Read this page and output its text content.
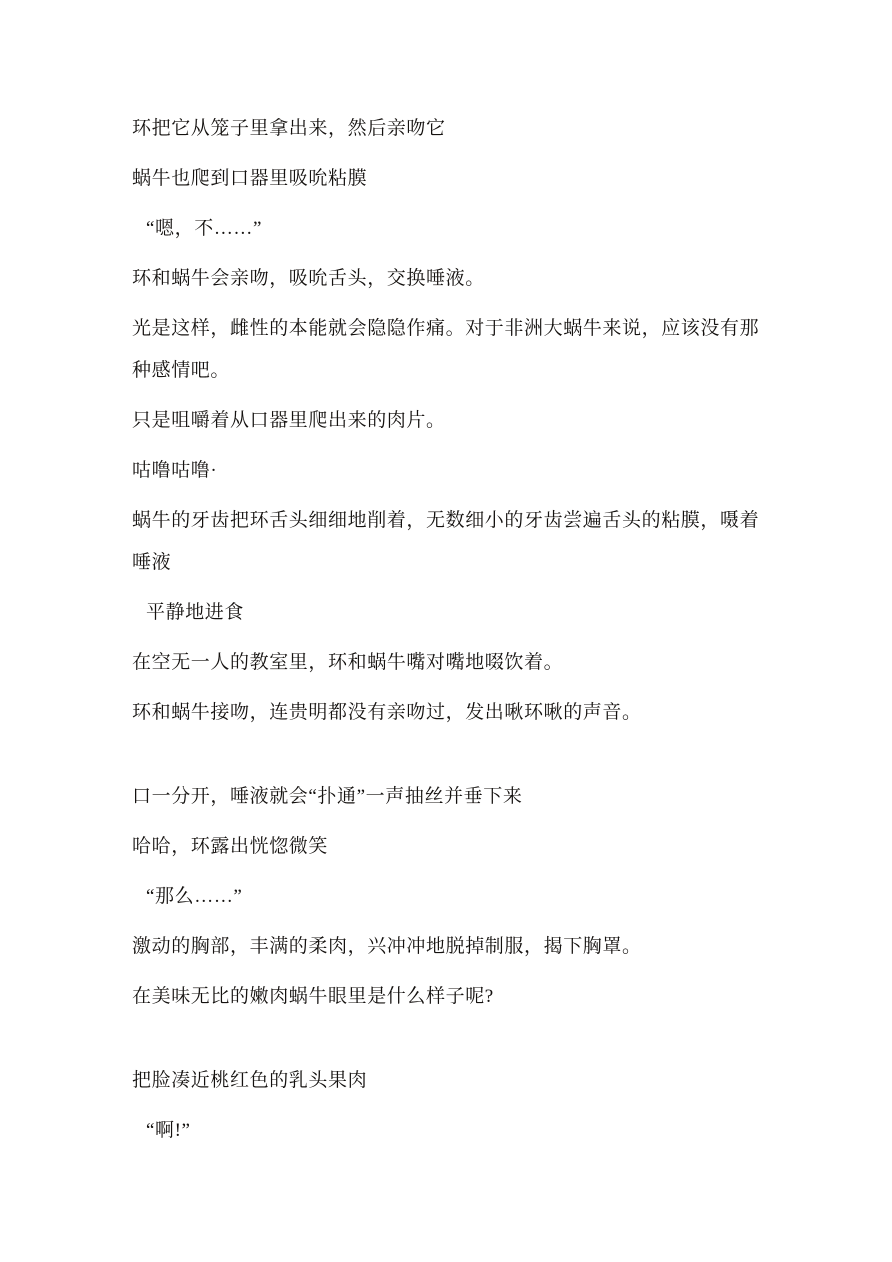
环把它从笼子里拿出来，然后亲吻它

蜗牛也爬到口器里吸吮粘膜

“嗯，不……”

环和蜗牛会亲吻，吸吮舌头，交换唾液。

光是这样，雌性的本能就会隐隐作痛。对于非洲大蜗牛来说，应该没有那种感情吧。

只是咀嚼着从口器里爬出来的肉片。

咕噜咕噜·

蜗牛的牙齿把环舌头细细地削着，无数细小的牙齿尝遍舌头的粘膜，嗫着唾液

平静地进食

在空无一人的教室里，环和蜗牛嘴对嘴地啜饮着。

环和蜗牛接吻，连贵明都没有亲吻过，发出啾环啾的声音。

口一分开，唾液就会“扑通”一声抽丝并垂下来

哈哈，环露出恍惚微笑

“那么……”

激动的胸部，丰满的柔肉，兴冲冲地脱掉制服，揭下胸罩。

在美味无比的嫩肉蜗牛眼里是什么样子呢?

把脸凑近桃红色的乳头果肉

“啊!”
